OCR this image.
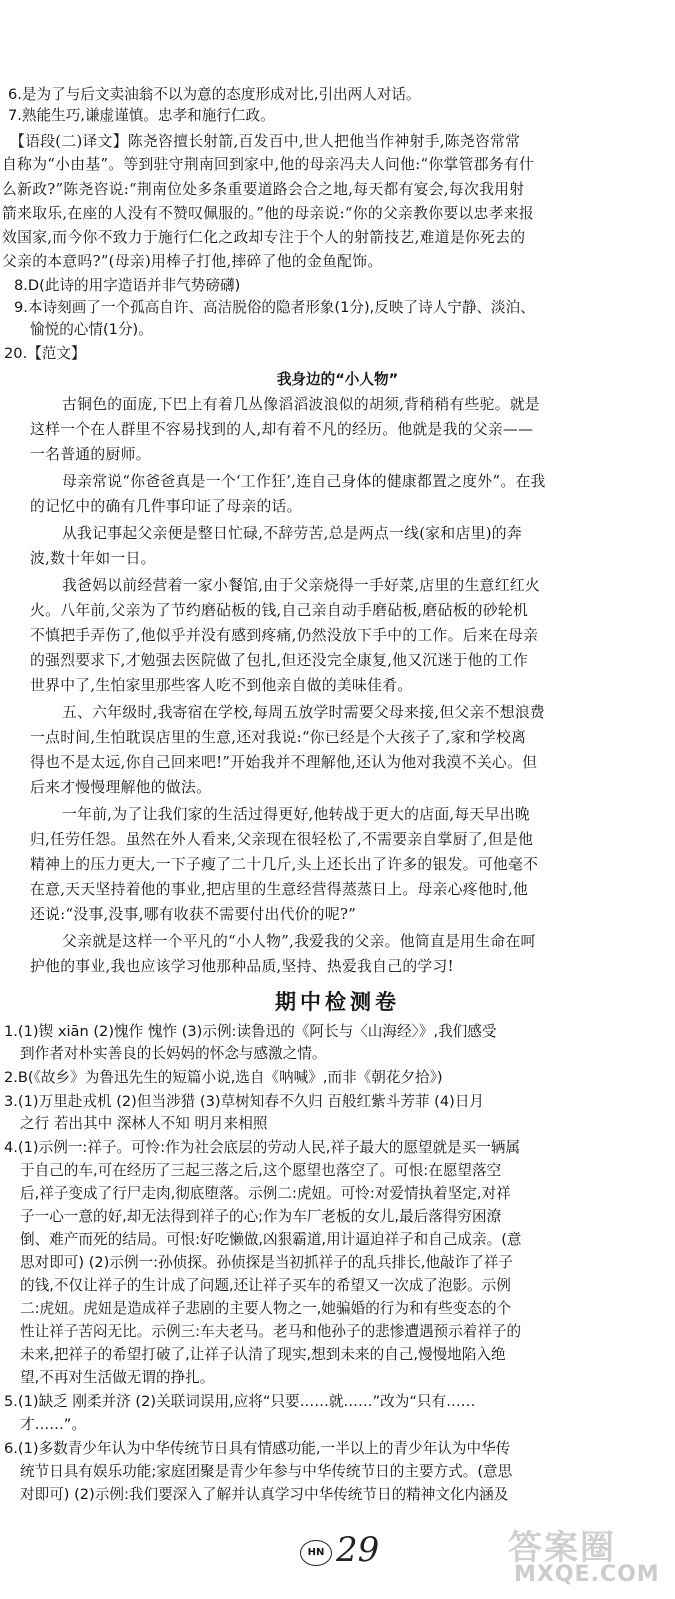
6.是为了与后文卖油翁不以为意的态度形成对比,引出两人对话。
7.熟能生巧,谦虚谨慎。忠孝和施行仁政。
【语段(二)译文】陈尧咨擅长射箭,百发百中,世人把他当作神射手,陈尧咨常常
自称为“小由基”。等到驻守荆南回到家中,他的母亲冯夫人问他:“你掌管郡务有什
么新政?”陈尧咨说:“荆南位处多条重要道路会合之地,每天都有宴会,每次我用射
箭来取乐,在座的人没有不赞叹佩服的。”他的母亲说:“你的父亲教你要以忠孝来报
效国家,而今你不致力于施行仁化之政却专注于个人的射箭技艺,难道是你死去的
父亲的本意吗?”(母亲)用棒子打他,摔碎了他的金鱼配饰。
8.D(此诗的用字造语并非气势磅礴)
9.本诗刻画了一个孤高自许、高洁脱俗的隐者形象(1分),反映了诗人宁静、淡泊、
愉悦的心情(1分)。
20.【范文】
我身边的“小人物”
古铜色的面庞,下巴上有着几丛像滔滔波浪似的胡须,背稍稍有些驼。就是
这样一个在人群里不容易找到的人,却有着不凡的经历。他就是我的父亲——
一名普通的厨师。
母亲常说“你爸爸真是一个‘工作狂’,连自己身体的健康都置之度外”。在我
的记忆中的确有几件事印证了母亲的话。
从我记事起父亲便是整日忙碌,不辞劳苦,总是两点一线(家和店里)的奔
波,数十年如一日。
我爸妈以前经营着一家小餐馆,由于父亲烧得一手好菜,店里的生意红红火
火。八年前,父亲为了节约磨砧板的钱,自己亲自动手磨砧板,磨砧板的砂轮机
不慎把手弄伤了,他似乎并没有感到疼痛,仍然没放下手中的工作。后来在母亲
的强烈要求下,才勉强去医院做了包扎,但还没完全康复,他又沉迷于他的工作
世界中了,生怕家里那些客人吃不到他亲自做的美味佳肴。
五、六年级时,我寄宿在学校,每周五放学时需要父母来接,但父亲不想浪费
一点时间,生怕耽误店里的生意,还对我说:“你已经是个大孩子了,家和学校离
得也不是太远,你自己回来吧!”开始我并不理解他,还认为他对我漠不关心。但
后来才慢慢理解他的做法。
一年前,为了让我们家的生活过得更好,他转战于更大的店面,每天早出晚
归,任劳任怨。虽然在外人看来,父亲现在很轻松了,不需要亲自掌厨了,但是他
精神上的压力更大,一下子瘦了二十几斤,头上还长出了许多的银发。可他毫不
在意,天天坚持着他的事业,把店里的生意经营得蒸蒸日上。母亲心疼他时,他
还说:“没事,没事,哪有收获不需要付出代价的呢?”
父亲就是这样一个平凡的“小人物”,我爱我的父亲。他简直是用生命在呵
护他的事业,我也应该学习他那种品质,坚持、热爱我自己的学习!
期中检测卷
1.(1)锲 xiān (2)愧作 愧怍 (3)示例:读鲁迅的《阿长与〈山海经〉》,我们感受
到作者对朴实善良的长妈妈的怀念与感激之情。
2.B(《故乡》为鲁迅先生的短篇小说,选自《呐喊》,而非《朝花夕拾》)
3.(1)万里赴戎机 (2)但当涉猎 (3)草树知春不久归 百般红紫斗芳菲 (4)日月
之行 若出其中 深林人不知 明月来相照
4.(1)示例一:祥子。可怜:作为社会底层的劳动人民,祥子最大的愿望就是买一辆属
于自己的车,可在经历了三起三落之后,这个愿望也落空了。可恨:在愿望落空
后,祥子变成了行尸走肉,彻底堕落。示例二:虎妞。可怜:对爱情执着坚定,对祥
子一心一意的好,却无法得到祥子的心;作为车厂老板的女儿,最后落得穷困潦
倒、难产而死的结局。可恨:好吃懒做,凶狠霸道,用计逼迫祥子和自己成亲。(意
思对即可) (2)示例一:孙侦探。孙侦探是当初抓祥子的乱兵排长,他敲诈了祥子
的钱,不仅让祥子的生计成了问题,还让祥子买车的希望又一次成了泡影。示例
二:虎妞。虎妞是造成祥子悲剧的主要人物之一,她骗婚的行为和有些变态的个
性让祥子苦闷无比。示例三:车夫老马。老马和他孙子的悲惨遭遇预示着祥子的
未来,把祥子的希望打破了,让祥子认清了现实,想到未来的自己,慢慢地陷入绝
望,不再对生活做无谓的挣扎。
5.(1)缺乏 刚柔并济 (2)关联词误用,应将“只要……就……”改为“只有……
才……”。
6.(1)多数青少年认为中华传统节日具有情感功能,一半以上的青少年认为中华传
统节日具有娱乐功能;家庭团聚是青少年参与中华传统节日的主要方式。(意思
对即可) (2)示例:我们要深入了解并认真学习中华传统节日的精神文化内涵及
HN 29	答案圈
MXQE.COM
